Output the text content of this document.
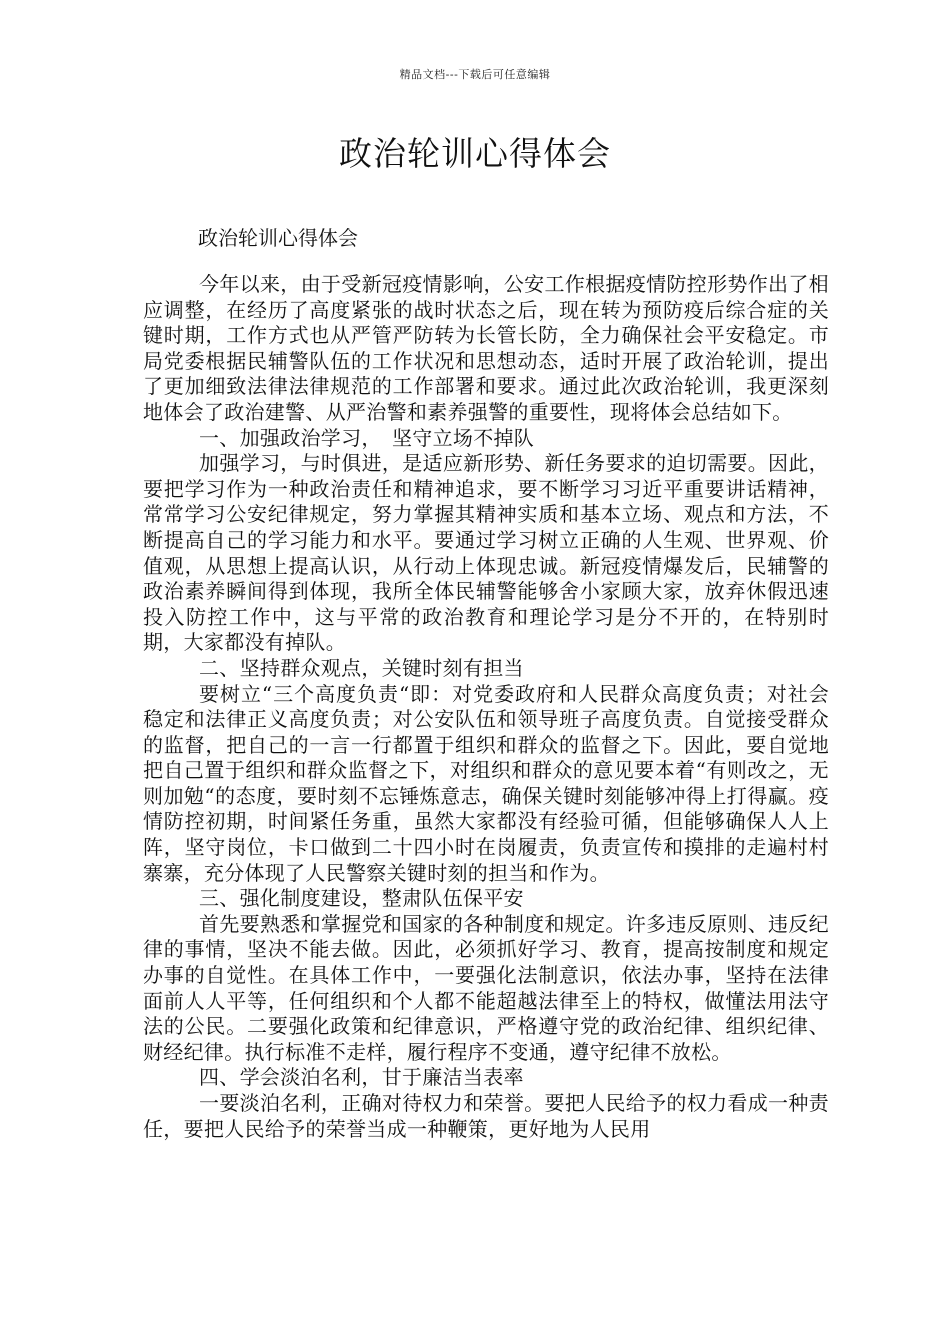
精品文档---下载后可任意编辑
政治轮训心得体会
政治轮训心得体会

今年以来，由于受新冠疫情影响，公安工作根据疫情防控形势作出了相应调整，在经历了高度紧张的战时状态之后，现在转为预防疫后综合症的关键时期，工作方式也从严管严防转为长管长防，全力确保社会平安稳定。市局党委根据民辅警队伍的工作状况和思想动态，适时开展了政治轮训，提出了更加细致法律法律规范的工作部署和要求。通过此次政治轮训，我更深刻地体会了政治建警、从严治警和素养强警的重要性，现将体会总结如下。

一、加强政治学习，　坚守立场不掉队

加强学习，与时俱进，是适应新形势、新任务要求的迫切需要。因此，要把学习作为一种政治责任和精神追求，要不断学习习近平重要讲话精神，常常学习公安纪律规定，努力掌握其精神实质和基本立场、观点和方法，不断提高自己的学习能力和水平。要通过学习树立正确的人生观、世界观、价值观，从思想上提高认识，从行动上体现忠诚。新冠疫情爆发后，民辅警的政治素养瞬间得到体现，我所全体民辅警能够舍小家顾大家，放弃休假迅速投入防控工作中，这与平常的政治教育和理论学习是分不开的，在特别时期，大家都没有掉队。

二、坚持群众观点，关键时刻有担当

要树立“三个高度负责“即：对党委政府和人民群众高度负责；对社会稳定和法律正义高度负责；对公安队伍和领导班子高度负责。自觉接受群众的监督，把自己的一言一行都置于组织和群众的监督之下。因此，要自觉地把自己置于组织和群众监督之下，对组织和群众的意见要本着“有则改之，无则加勉“的态度，要时刻不忘锤炼意志，确保关键时刻能够冲得上打得赢。疫情防控初期，时间紧任务重，虽然大家都没有经验可循，但能够确保人人上阵，坚守岗位，卡口做到二十四小时在岗履责，负责宣传和摸排的走遍村村寨寨，充分体现了人民警察关键时刻的担当和作为。

三、强化制度建设，整肃队伍保平安

首先要熟悉和掌握党和国家的各种制度和规定。许多违反原则、违反纪律的事情，坚决不能去做。因此，必须抓好学习、教育，提高按制度和规定办事的自觉性。在具体工作中，一要强化法制意识，依法办事，坚持在法律面前人人平等，任何组织和个人都不能超越法律至上的特权，做懂法用法守法的公民。二要强化政策和纪律意识，严格遵守党的政治纪律、组织纪律、财经纪律。执行标准不走样，履行程序不变通，遵守纪律不放松。

四、学会淡泊名利，甘于廉洁当表率

一要淡泊名利，正确对待权力和荣誉。要把人民给予的权力看成一种责任，要把人民给予的荣誉当成一种鞭策，更好地为人民用
